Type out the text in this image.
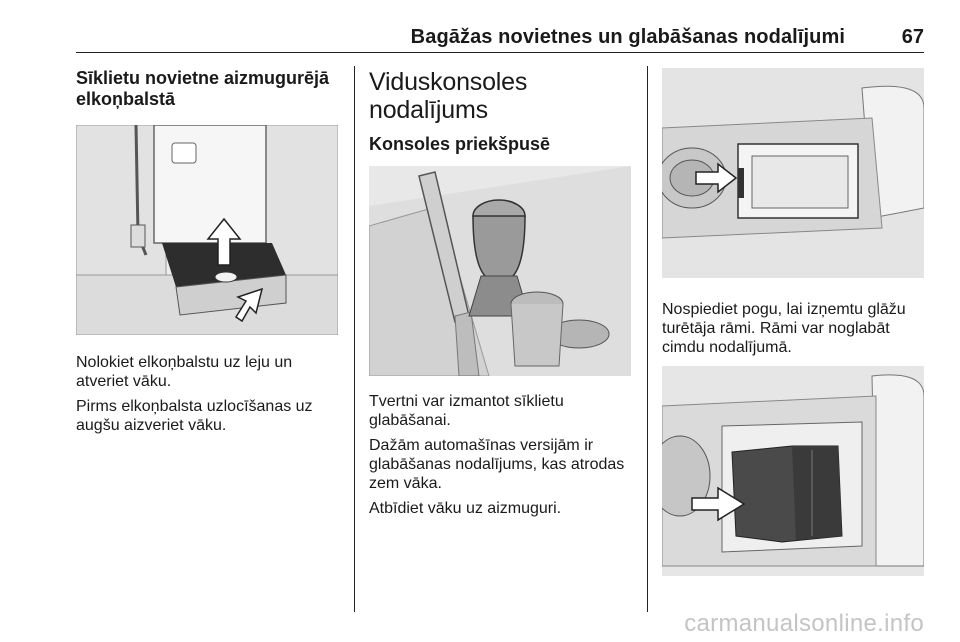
Bagāžas novietnes un glabāšanas nodalījumi	67
Sīklietu novietne aizmugurējā elkoņbalstā

Nolokiet elkoņbalstu uz leju un atveriet vāku.

Pirms elkoņbalsta uzlocīšanas uz augšu aizveriet vāku.

Viduskonsoles nodalījums
Konsoles priekšpusē

Tvertni var izmantot sīklietu glabāšanai.

Dažām automašīnas versijām ir glabāšanas nodalījums, kas atrodas zem vāka.

Atbīdiet vāku uz aizmuguri.

Nospiediet pogu, lai izņemtu glāžu turētāja rāmi. Rāmi var noglabāt cimdu nodalījumā.

carmanualsonline.info
